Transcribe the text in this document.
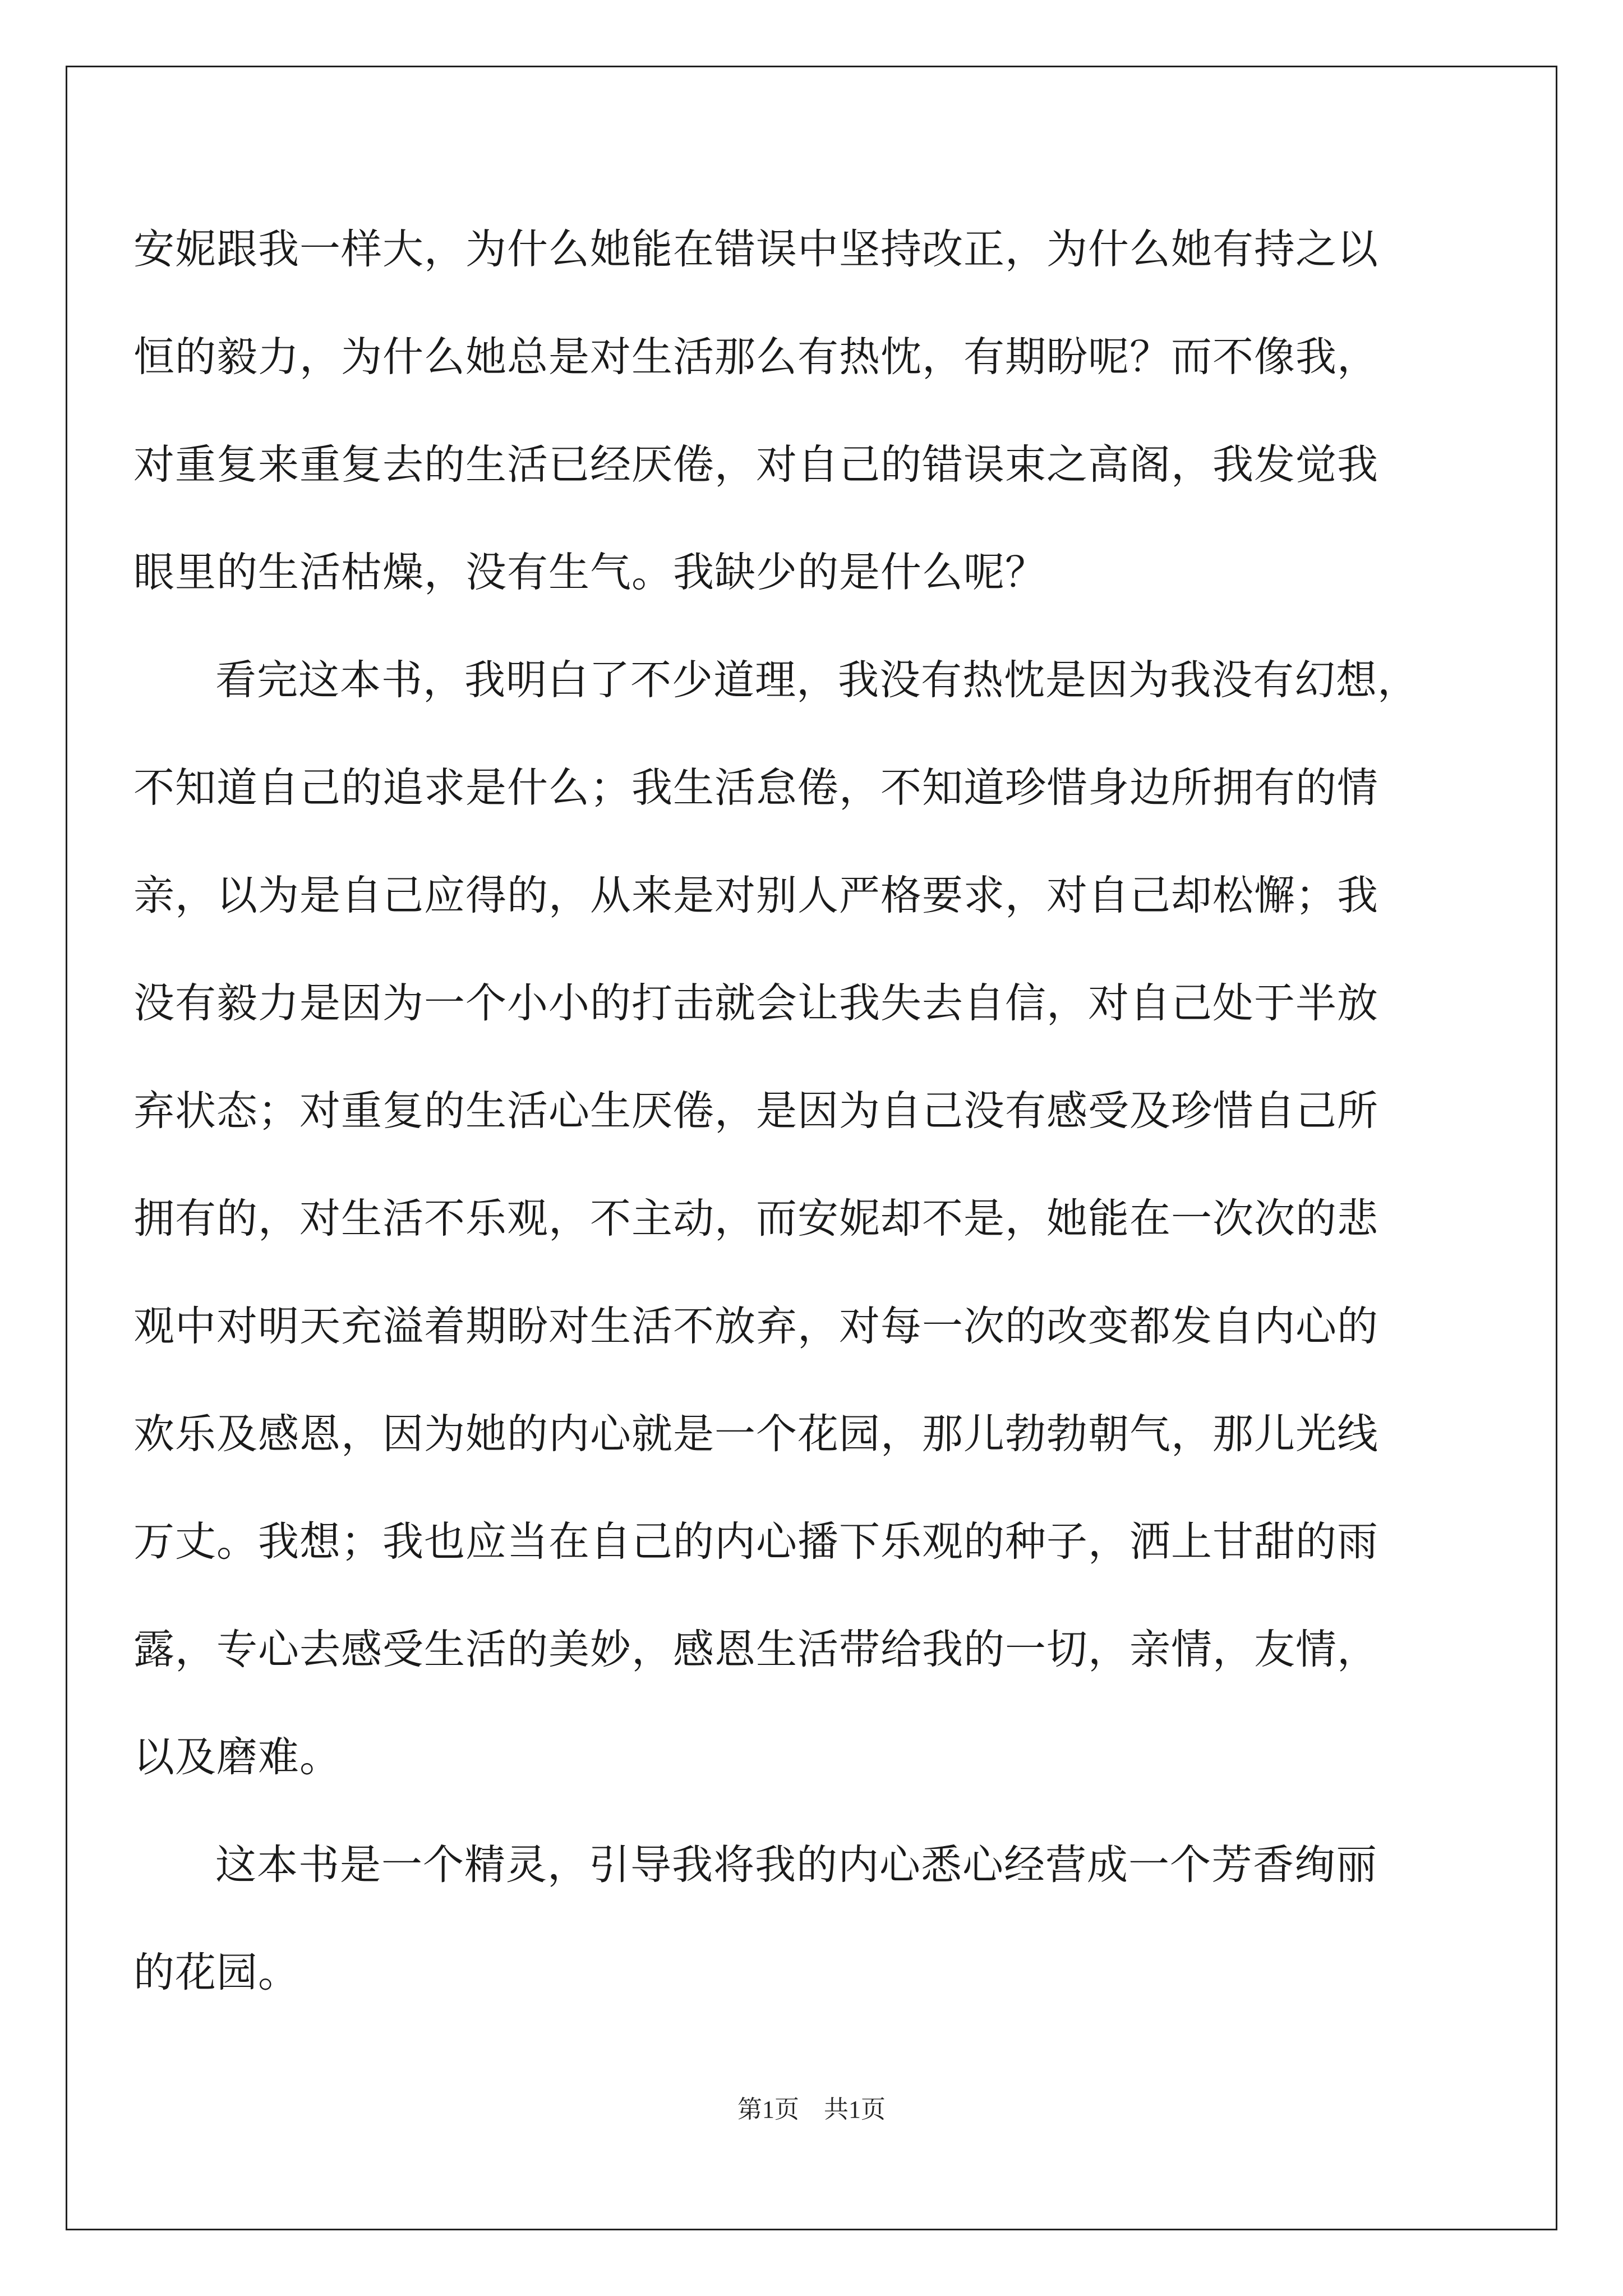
安妮跟我一样大，为什么她能在错误中坚持改正，为什么她有持之以
恒的毅力，为什么她总是对生活那么有热忱，有期盼呢？而不像我，
对重复来重复去的生活已经厌倦，对自己的错误束之高阁，我发觉我
眼里的生活枯燥，没有生气。我缺少的是什么呢？
看完这本书，我明白了不少道理，我没有热忱是因为我没有幻想，
不知道自己的追求是什么；我生活怠倦，不知道珍惜身边所拥有的情
亲，以为是自己应得的，从来是对别人严格要求，对自己却松懈；我
没有毅力是因为一个小小的打击就会让我失去自信，对自己处于半放
弃状态；对重复的生活心生厌倦，是因为自己没有感受及珍惜自己所
拥有的，对生活不乐观，不主动，而安妮却不是，她能在一次次的悲
观中对明天充溢着期盼对生活不放弃，对每一次的改变都发自内心的
欢乐及感恩，因为她的内心就是一个花园，那儿勃勃朝气，那儿光线
万丈。我想；我也应当在自己的内心播下乐观的种子，洒上甘甜的雨
露，专心去感受生活的美妙，感恩生活带给我的一切，亲情，友情，
以及磨难。
这本书是一个精灵，引导我将我的内心悉心经营成一个芳香绚丽
的花园。
第1页 共1页
